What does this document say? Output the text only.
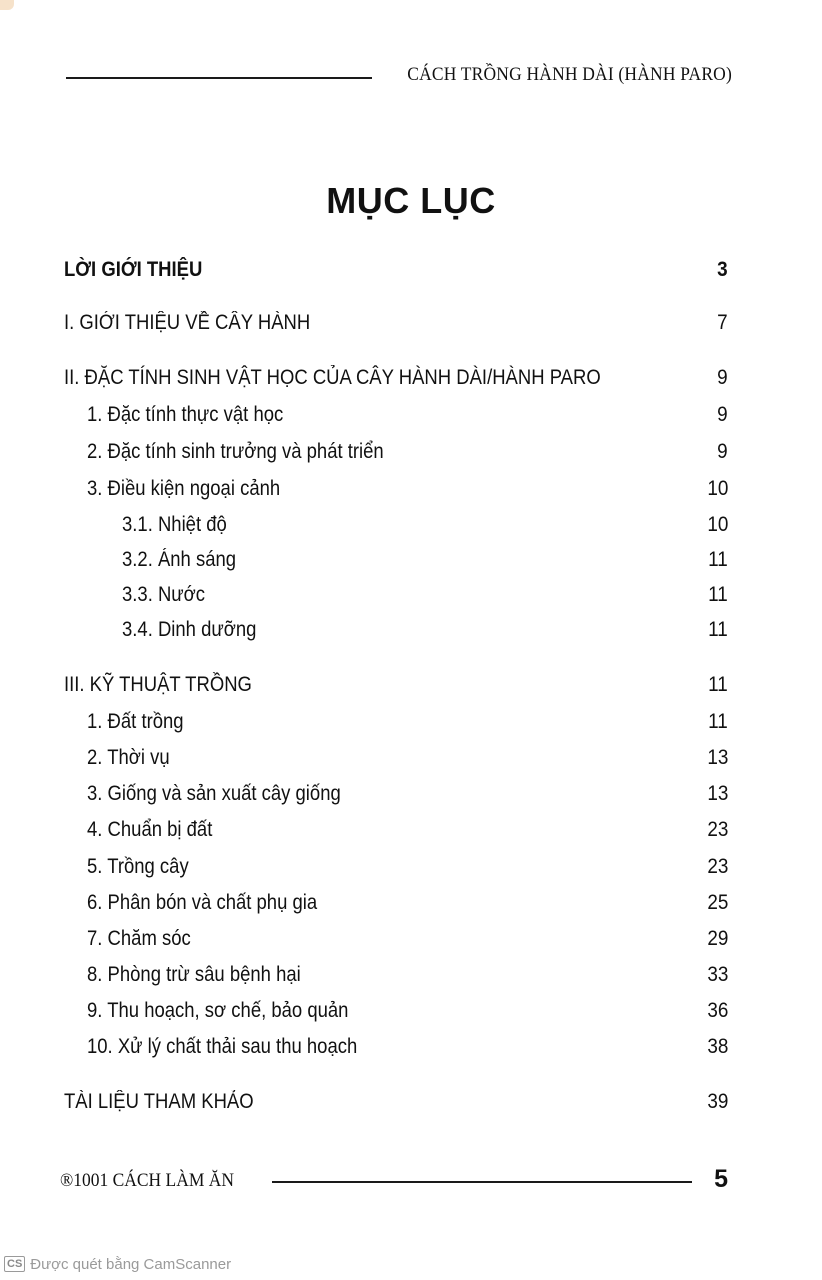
CÁCH TRỒNG HÀNH DÀI (HÀNH PARO)
MỤC LỤC
LỜI GIỚI THIỆU	3
I. GIỚI THIỆU VỀ CÂY HÀNH	7
II. ĐẶC TÍNH SINH VẬT HỌC CỦA CÂY HÀNH DÀI/HÀNH PARO	9
1. Đặc tính thực vật học	9
2. Đặc tính sinh trưởng và phát triển	9
3. Điều kiện ngoại cảnh	10
3.1. Nhiệt độ	10
3.2. Ánh sáng	11
3.3. Nước	11
3.4. Dinh dưỡng	11
III. KỸ THUẬT TRỒNG	11
1. Đất trồng	11
2. Thời vụ	13
3. Giống và sản xuất cây giống	13
4. Chuẩn bị đất	23
5. Trồng cây	23
6. Phân bón và chất phụ gia	25
7. Chăm sóc	29
8. Phòng trừ sâu bệnh hại	33
9. Thu hoạch, sơ chế, bảo quản	36
10. Xử lý chất thải sau thu hoạch	38
TÀI LIỆU THAM KHẢO	39
®1001 CÁCH LÀM ĂN	5
CS Được quét bằng CamScanner
